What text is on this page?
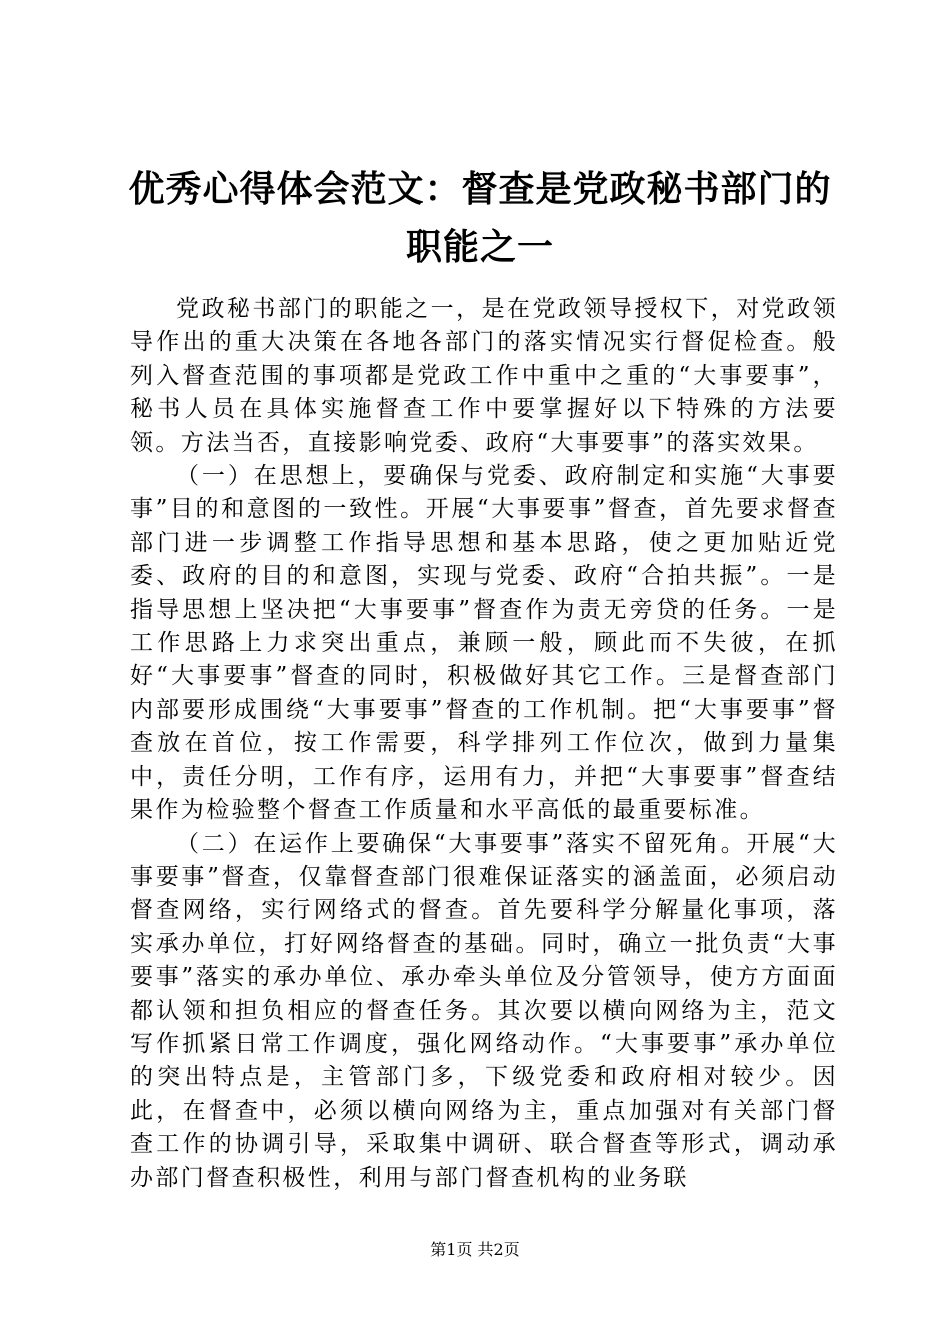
优秀心得体会范文：督查是党政秘书部门的职能之一

党政秘书部门的职能之一，是在党政领导授权下，对党政领导作出的重大决策在各地各部门的落实情况实行督促检查。般列入督查范围的事项都是党政工作中重中之重的“大事要事”，秘书人员在具体实施督查工作中要掌握好以下特殊的方法要领。方法当否，直接影响党委、政府“大事要事”的落实效果。

（一）在思想上，要确保与党委、政府制定和实施“大事要事”目的和意图的一致性。开展“大事要事”督查，首先要求督查部门进一步调整工作指导思想和基本思路，使之更加贴近党委、政府的目的和意图，实现与党委、政府“合拍共振”。一是指导思想上坚决把“大事要事”督查作为责无旁贷的任务。一是工作思路上力求突出重点，兼顾一般，顾此而不失彼，在抓好“大事要事”督查的同时，积极做好其它工作。三是督查部门内部要形成围绕“大事要事”督查的工作机制。把“大事要事”督查放在首位，按工作需要，科学排列工作位次，做到力量集中，责任分明，工作有序，运用有力，并把“大事要事”督查结果作为检验整个督查工作质量和水平高低的最重要标准。

（二）在运作上要确保“大事要事”落实不留死角。开展“大事要事”督查，仅靠督查部门很难保证落实的涵盖面，必须启动督查网络，实行网络式的督查。首先要科学分解量化事项，落实承办单位，打好网络督查的基础。同时，确立一批负责“大事要事”落实的承办单位、承办牵头单位及分管领导，使方方面面都认领和担负相应的督查任务。其次要以横向网络为主，范文写作抓紧日常工作调度，强化网络动作。“大事要事”承办单位的突出特点是，主管部门多，下级党委和政府相对较少。因此，在督查中，必须以横向网络为主，重点加强对有关部门督查工作的协调引导，采取集中调研、联合督查等形式，调动承办部门督查积极性，利用与部门督查机构的业务联

第1页 共2页
